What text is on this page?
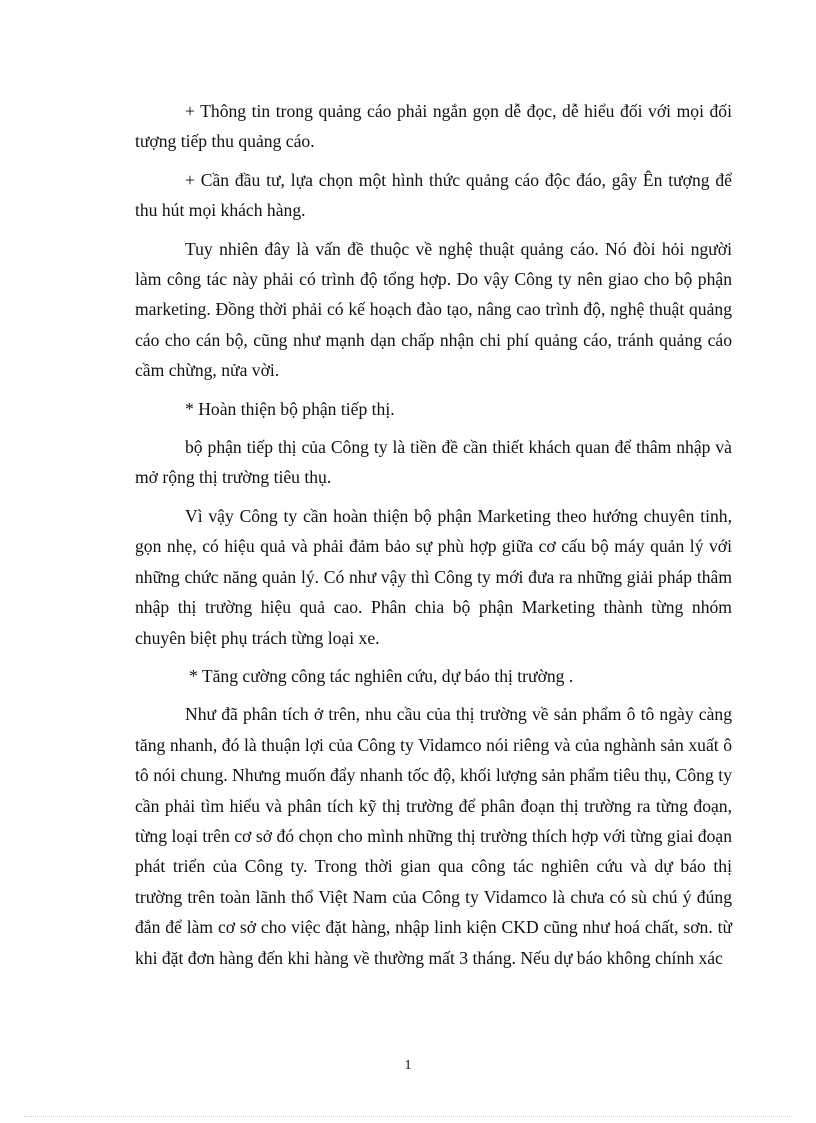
+ Thông tin trong quảng cáo phải ngắn gọn dễ đọc, dễ hiểu đối với mọi đối tượng tiếp thu quảng cáo.

+ Cần đầu tư, lựa chọn một hình thức quảng cáo độc đáo, gây Ên tượng để thu hút mọi khách hàng.

Tuy nhiên đây là vấn đề thuộc về nghệ thuật quảng cáo. Nó đòi hỏi người làm công tác này phải có trình độ tổng hợp. Do vậy Công ty nên giao cho bộ phận marketing. Đồng thời phải có kế hoạch đào tạo, nâng cao trình độ, nghệ thuật quảng cáo cho cán bộ, cũng như mạnh dạn chấp nhận chi phí quảng cáo, tránh quảng cáo cầm chừng, nửa vời.

* Hoàn thiện bộ phận tiếp thị.

bộ phận tiếp thị của Công ty là tiền đề cần thiết khách quan để thâm nhập và mở rộng thị trường tiêu thụ.

Vì vậy Công ty cần hoàn thiện bộ phận Marketing theo hướng chuyên tinh, gọn nhẹ, có hiệu quả và phải đảm bảo sự phù hợp giữa cơ cấu bộ máy quản lý với những chức năng quản lý. Có như vậy thì Công ty mới đưa ra những giải pháp thâm nhập thị trường hiệu quả cao. Phân chia bộ phận Marketing thành từng nhóm chuyên biệt phụ trách từng loại xe.

* Tăng cường công tác nghiên cứu, dự báo thị trường .

Như đã phân tích ở trên, nhu cầu của thị trường về sản phẩm ô tô ngày càng tăng nhanh, đó là thuận lợi của Công ty Vidamco nói riêng và của nghành sản xuất ô tô nói chung. Nhưng muốn đẩy nhanh tốc độ, khối lượng sản phẩm tiêu thụ, Công ty cần phải tìm hiểu và phân tích kỹ thị trường để phân đoạn thị trường ra từng đoạn, từng loại trên cơ sở đó chọn cho mình những thị trường thích hợp với từng giai đoạn phát triển của Công ty. Trong thời gian qua công tác nghiên cứu và dự báo thị trường trên toàn lãnh thổ Việt Nam của Công ty Vidamco là chưa có sù chú ý đúng đắn để làm cơ sở cho việc đặt hàng, nhập linh kiện CKD cũng như hoá chất, sơn. từ khi đặt đơn hàng đến khi hàng về thường mất 3 tháng. Nếu dự báo không chính xác

1
